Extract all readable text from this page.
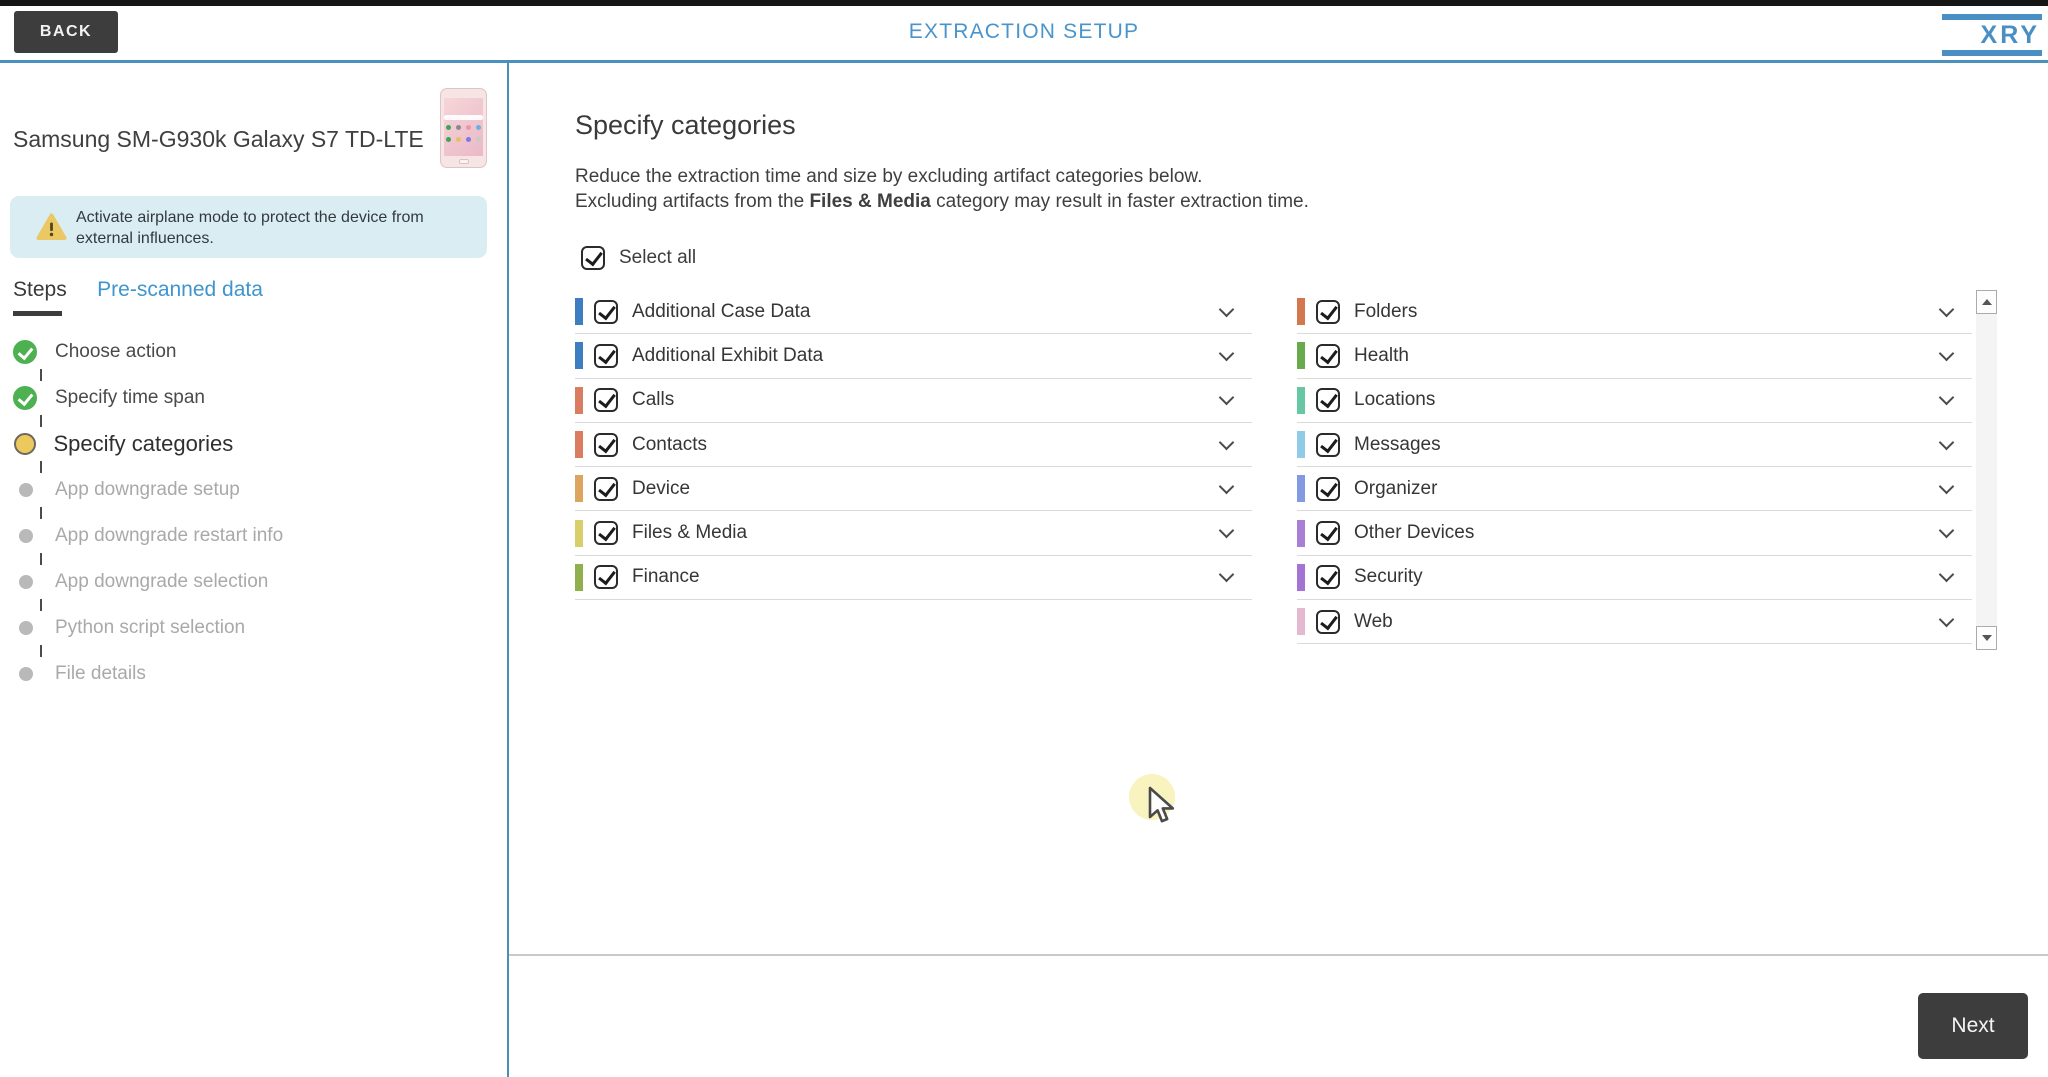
BACK	EXTRACTION SETUP	XRY
Samsung SM-G930k Galaxy S7 TD-LTE
Activate airplane mode to protect the device from external influences.
Steps Pre-scanned data
Choose action
Specify time span
Specify categories
App downgrade setup
App downgrade restart info
App downgrade selection
Python script selection
File details
Specify categories
Reduce the extraction time and size by excluding artifact categories below.
Excluding artifacts from the Files & Media category may result in faster extraction time.
Select all
Additional Case Data
Additional Exhibit Data
Calls
Contacts
Device
Files & Media
Finance
Folders
Health
Locations
Messages
Organizer
Other Devices
Security
Web
Next
